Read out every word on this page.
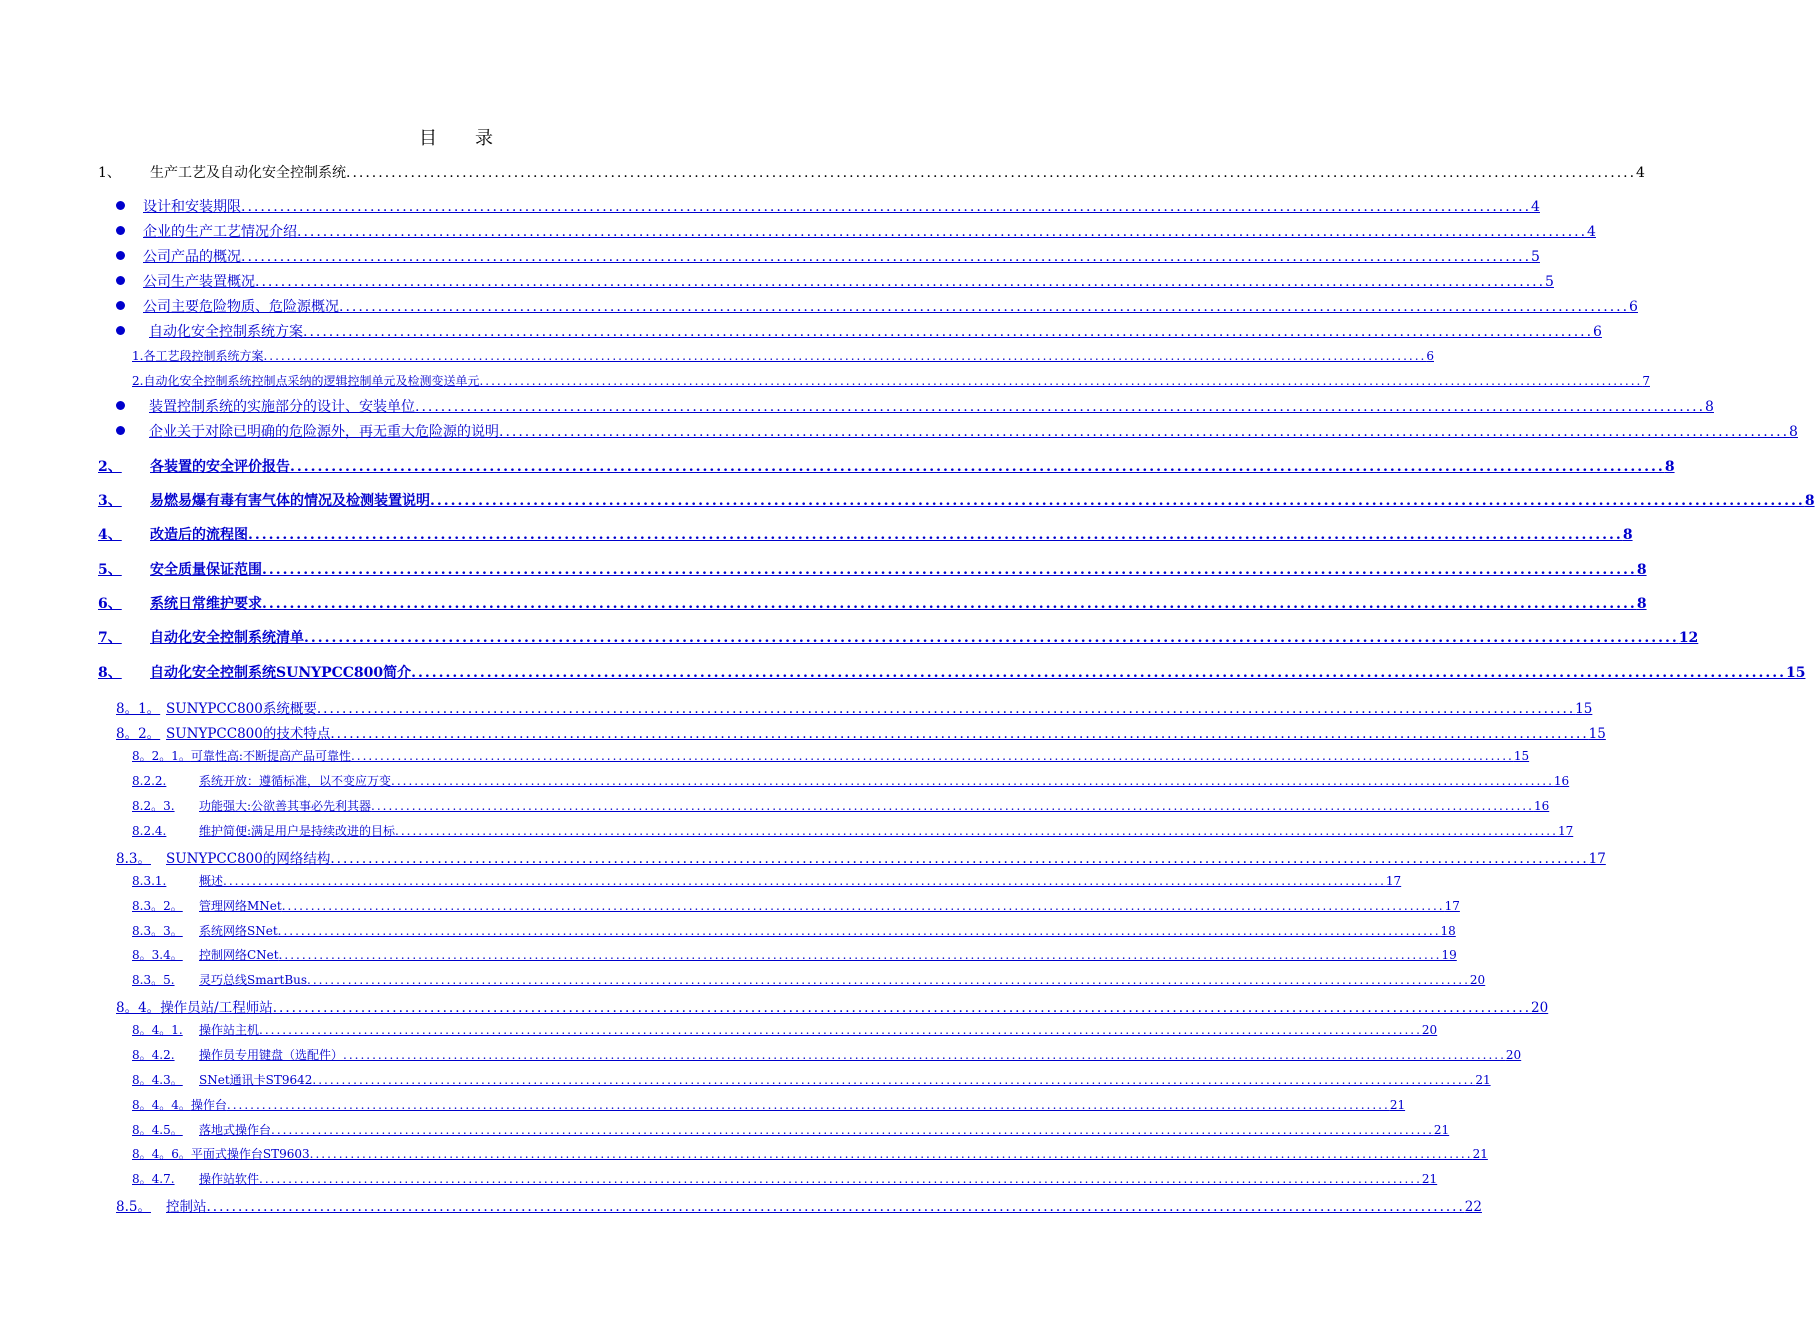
目录
1、	生产工艺及自动化安全控制系统 ........................................................................................................................................................................................................ 4
设计和安装期限 ........................................................................................................................................................................................................ 4
企业的生产工艺情况介绍 ........................................................................................................................................................................................................ 4
公司产品的概况 ........................................................................................................................................................................................................ 5
公司生产装置概况 ........................................................................................................................................................................................................ 5
公司主要危险物质、危险源概况 ........................................................................................................................................................................................................ 6
自动化安全控制系统方案 ........................................................................................................................................................................................................ 6
1. 各工艺段控制系统方案 ........................................................................................................................................................................................................ 6
2. 自动化安全控制系统控制点采纳的逻辑控制单元及检测变送单元 ........................................................................................................................................................................................................ 7
装置控制系统的实施部分的设计、安装单位 ........................................................................................................................................................................................................ 8
企业关于对除已明确的危险源外，再无重大危险源的说明 ........................................................................................................................................................................................................ 8
2、	各装置的安全评价报告 ........................................................................................................................................................................................................ 8
3、	易燃易爆有毒有害气体的情况及检测装置说明 ........................................................................................................................................................................................................ 8
4、	改造后的流程图 ........................................................................................................................................................................................................ 8
5、	安全质量保证范围 ........................................................................................................................................................................................................ 8
6、	系统日常维护要求 ........................................................................................................................................................................................................ 8
7、	自动化安全控制系统清单 ........................................................................................................................................................................................................ 12
8、	自动化安全控制系统SUNYPCC800简介 ........................................................................................................................................................................................................ 15
8。1。 SUNYPCC800系统概要 ........................................................................................................................................................................................................ 15
8。2。 SUNYPCC800的技术特点 ........................................................................................................................................................................................................ 15
8。2。1。 可靠性高:不断提高产品可靠性 ........................................................................................................................................................................................................ 15
8.2.2.	系统开放：遵循标准，以不变应万变 ........................................................................................................................................................................................................ 16
8.2。3.	功能强大:公欲善其事必先利其器 ........................................................................................................................................................................................................ 16
8.2.4.	维护简便:满足用户是持续改进的目标 ........................................................................................................................................................................................................ 17
8.3。	SUNYPCC800的网络结构 ........................................................................................................................................................................................................ 17
8.3.1.	概述 ........................................................................................................................................................................................................ 17
8.3。2。	管理网络MNet ........................................................................................................................................................................................................ 17
8.3。3。	系统网络SNet ........................................................................................................................................................................................................ 18
8。3.4。	控制网络CNet ........................................................................................................................................................................................................ 19
8.3。5.	灵巧总线SmartBus ........................................................................................................................................................................................................ 20
8。4。 操作员站/工程师站 ........................................................................................................................................................................................................ 20
8。4。1.	操作站主机 ........................................................................................................................................................................................................ 20
8。4.2.	操作员专用键盘（选配件） ........................................................................................................................................................................................................ 20
8。4.3。	SNet通讯卡ST9642 ........................................................................................................................................................................................................ 21
8。4。4。 操作台 ........................................................................................................................................................................................................ 21
8。4.5。	落地式操作台 ........................................................................................................................................................................................................ 21
8。4。6。 平面式操作台ST9603 ........................................................................................................................................................................................................ 21
8。4.7.	操作站软件 ........................................................................................................................................................................................................ 21
8.5。	控制站 ........................................................................................................................................................................................................ 22
